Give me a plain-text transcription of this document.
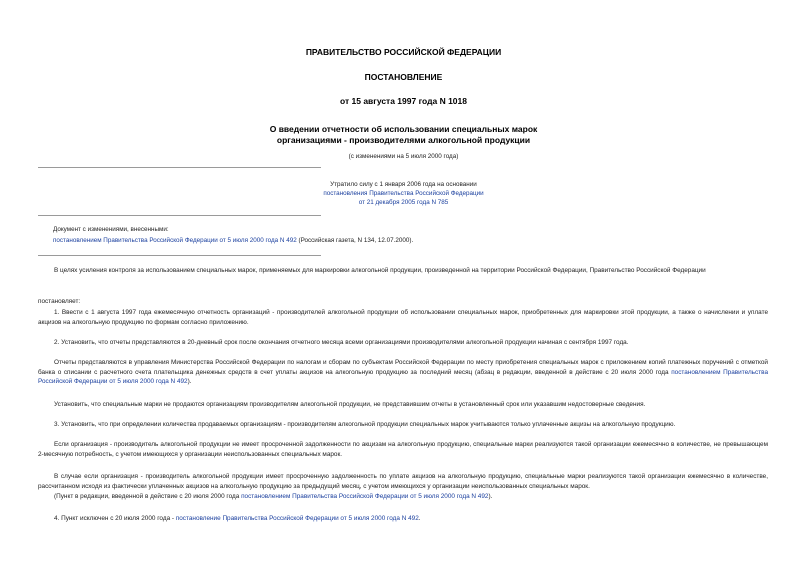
ПРАВИТЕЛЬСТВО РОССИЙСКОЙ ФЕДЕРАЦИИ
ПОСТАНОВЛЕНИЕ
от 15 августа 1997 года N 1018
О введении отчетности об использовании специальных марок
организациями - производителями алкогольной продукции
(с изменениями на 5 июля 2000 года)
Утратило силу с 1 января 2006 года на основании
постановления Правительства Российской Федерации
от 21 декабря 2005 года N 785
Документ с изменениями, внесенными:
постановлением Правительства Российской Федерации от 5 июля 2000 года N 492 (Российская газета, N 134, 12.07.2000).
В целях усиления контроля за использованием специальных марок, применяемых для маркировки алкогольной продукции, произведенной на территории Российской Федерации, Правительство Российской Федерации
постановляет:
1. Ввести с 1 августа 1997 года ежемесячную отчетность организаций - производителей алкогольной продукции об использовании специальных марок, приобретенных для маркировки этой продукции, а также о начислении и уплате акцизов на алкогольную продукцию по формам согласно приложению.
2. Установить, что отчеты представляются в 20-дневный срок после окончания отчетного месяца всеми организациями производителями алкогольной продукции начиная с сентября 1997 года.
Отчеты представляются в управления Министерства Российской Федерации по налогам и сборам по субъектам Российской Федерации по месту приобретения специальных марок с приложением копий платежных поручений с отметкой банка о списании с расчетного счета плательщика денежных средств в счет уплаты акцизов на алкогольную продукцию за последний месяц (абзац в редакции, введенной в действие с 20 июля 2000 года постановлением Правительства Российской Федерации от 5 июля 2000 года N 492).
Установить, что специальные марки не продаются организациям производителям алкогольной продукции, не представившим отчеты в установленный срок или указавшим недостоверные сведения.
3. Установить, что при определении количества продаваемых организациям - производителям алкогольной продукции специальных марок учитываются только уплаченные акцизы на алкогольную продукцию.
Если организация - производитель алкогольной продукции не имеет просроченной задолженности по акцизам на алкогольную продукцию, специальные марки реализуются такой организации ежемесячно в количестве, не превышающем 2-месячную потребность, с учетом имеющихся у организации неиспользованных специальных марок.
В случае если организация - производитель алкогольной продукции имеет просроченную задолженность по уплате акцизов на алкогольную продукцию, специальные марки реализуются такой организации ежемесячно в количестве, рассчитанном исходя из фактически уплаченных акцизов на алкогольную продукцию за предыдущий месяц, с учетом имеющихся у организации неиспользованных специальных марок.
(Пункт в редакции, введенной в действие с 20 июля 2000 года постановлением Правительства Российской Федерации от 5 июля 2000 года N 492).
4. Пункт исключен с 20 июля 2000 года - постановление Правительства Российской Федерации от 5 июля 2000 года N 492.
